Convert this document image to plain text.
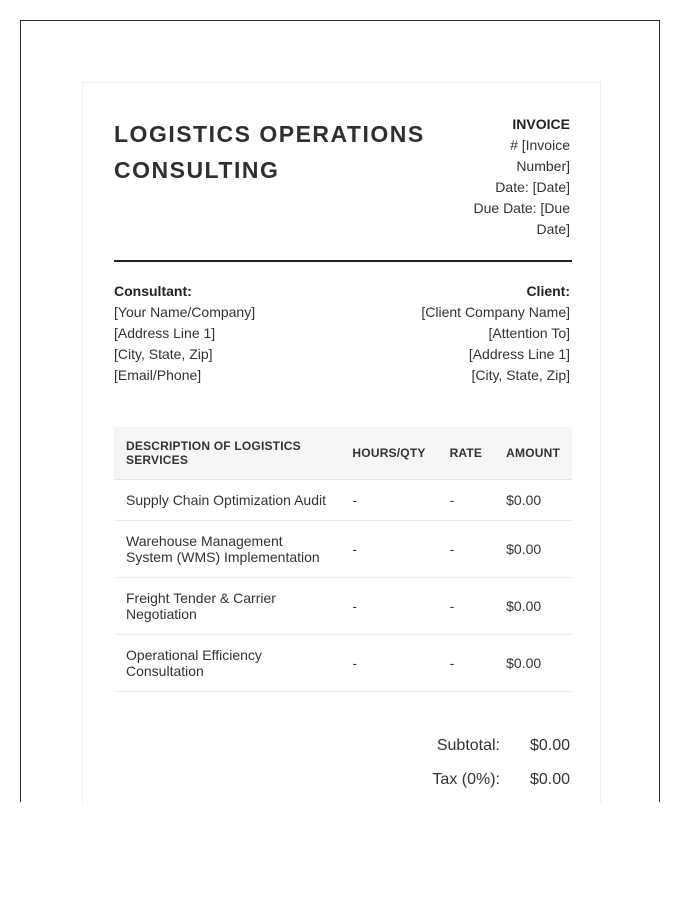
LOGISTICS OPERATIONS CONSULTING
INVOICE
# [Invoice Number]
Date: [Date]
Due Date: [Due Date]
Consultant:
[Your Name/Company]
[Address Line 1]
[City, State, Zip]
[Email/Phone]
Client:
[Client Company Name]
[Attention To]
[Address Line 1]
[City, State, Zip]
DESCRIPTION OF LOGISTICS SERVICES	HOURS/QTY	RATE	AMOUNT
Supply Chain Optimization Audit	-	-	$0.00
Warehouse Management System (WMS) Implementation	-	-	$0.00
Freight Tender & Carrier Negotiation	-	-	$0.00
Operational Efficiency Consultation	-	-	$0.00
Subtotal:	$0.00
Tax (0%):	$0.00
